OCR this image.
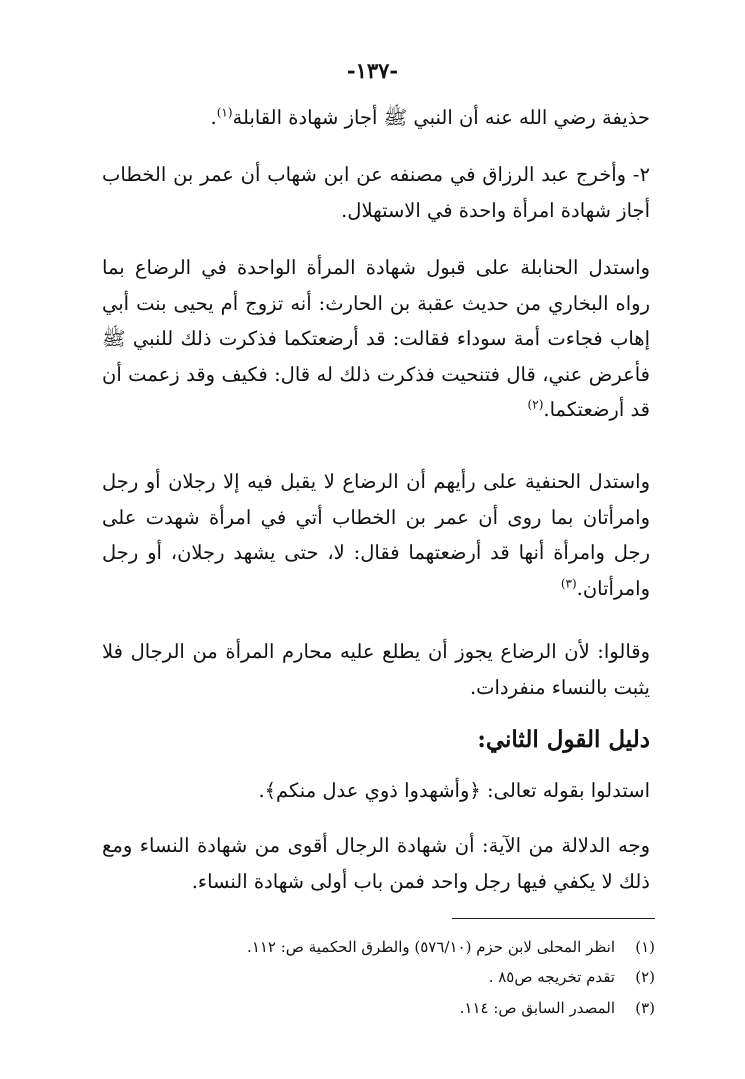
-١٣٧-
حذيفة رضي الله عنه أن النبي ﷺ أجاز شهادة القابلة$^{(١)}$.
٢- وأخرج عبد الرزاق في مصنفه عن ابن شهاب أن عمر بن الخطاب أجاز شهادة امرأة واحدة في الاستهلال.
واستدل الحنابلة على قبول شهادة المرأة الواحدة في الرضاع بما رواه البخاري من حديث عقبة بن الحارث: أنه تزوج أم يحيى بنت أبي إهاب فجاءت أمة سوداء فقالت: قد أرضعتكما فذكرت ذلك للنبي ﷺ فأعرض عني، قال فتنحيت فذكرت ذلك له قال: فكيف وقد زعمت أن قد أرضعتكما.$^{(٢)}$
واستدل الحنفية على رأيهم أن الرضاع لا يقبل فيه إلا رجلان أو رجل وامرأتان بما روى أن عمر بن الخطاب أتي في امرأة شهدت على رجل وامرأة أنها قد أرضعتهما فقال: لا، حتى يشهد رجلان، أو رجل وامرأتان.$^{(٣)}$
وقالوا: لأن الرضاع يجوز أن يطلع عليه محارم المرأة من الرجال فلا يثبت بالنساء منفردات.
دليل القول الثاني:
استدلوا بقوله تعالى: ﴿وأشهدوا ذوي عدل منكم﴾.
وجه الدلالة من الآية: أن شهادة الرجال أقوى من شهادة النساء ومع ذلك لا يكفي فيها رجل واحد فمن باب أولى شهادة النساء.
(١)انظر المحلى لابن حزم (٥٧٦/١٠) والطرق الحكمية ص: ١١٢.
(٢)تقدم تخريجه ص٨٥ .
(٣)المصدر السابق ص: ١١٤.
